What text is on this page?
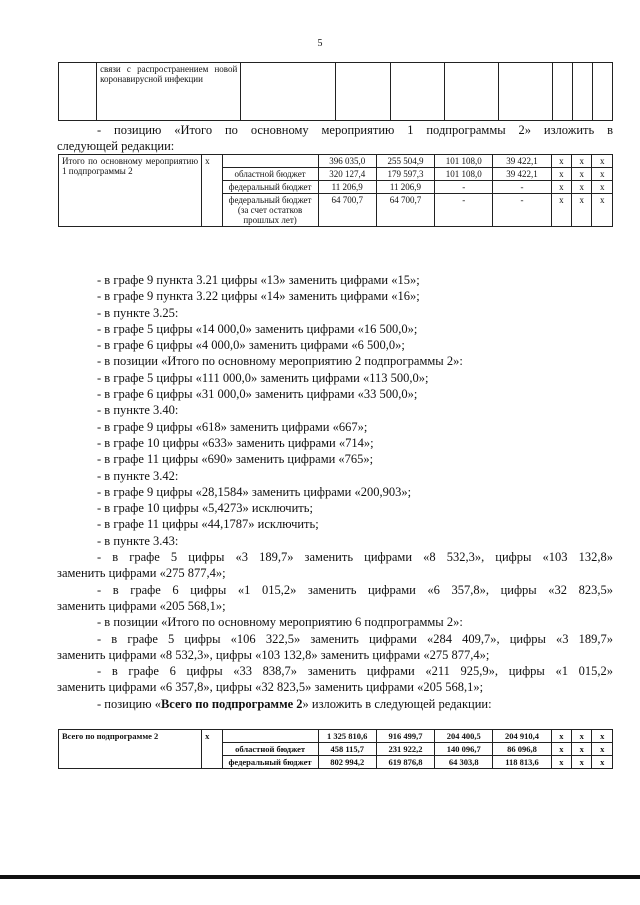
5
	связи с распространением новой коронавирусной инфекции								
- позицию «Итого по основному мероприятию 1 подпрограммы 2» изложить в
следующей редакции:
Итого по основному мероприятию 1 подпрограммы 2	х		396 035,0	255 504,9	101 108,0	39 422,1	х	х	х
		областной бюджет	320 127,4	179 597,3	101 108,0	39 422,1	х	х	х
		федеральный бюджет	11 206,9	11 206,9	-	-	х	х	х
		федеральный бюджет (за счет остатков прошлых лет)	64 700,7	64 700,7	-	-	х	х	х
- в графе 9 пункта 3.21 цифры «13» заменить цифрами «15»;
- в графе 9 пункта 3.22 цифры «14» заменить цифрами «16»;
- в пункте 3.25:
- в графе 5 цифры «14 000,0» заменить цифрами «16 500,0»;
- в графе 6 цифры «4 000,0» заменить цифрами «6 500,0»;
- в позиции «Итого по основному мероприятию 2 подпрограммы 2»:
- в графе 5 цифры «111 000,0» заменить цифрами «113 500,0»;
- в графе 6 цифры «31 000,0» заменить цифрами «33 500,0»;
- в пункте 3.40:
- в графе 9 цифры «618» заменить цифрами «667»;
- в графе 10 цифры «633» заменить цифрами «714»;
- в графе 11 цифры «690» заменить цифрами «765»;
- в пункте 3.42:
- в графе 9 цифры «28,1584» заменить цифрами «200,903»;
- в графе 10 цифры «5,4273» исключить;
- в графе 11 цифры «44,1787» исключить;
- в пункте 3.43:
- в графе 5 цифры «3 189,7» заменить цифрами «8 532,3», цифры «103 132,8»
заменить цифрами «275 877,4»;
- в графе 6 цифры «1 015,2» заменить цифрами «6 357,8», цифры «32 823,5»
заменить цифрами «205 568,1»;
- в позиции «Итого по основному мероприятию 6 подпрограммы 2»:
- в графе 5 цифры «106 322,5» заменить цифрами «284 409,7», цифры «3 189,7»
заменить цифрами «8 532,3», цифры «103 132,8» заменить цифрами «275 877,4»;
- в графе 6 цифры «33 838,7» заменить цифрами «211 925,9», цифры «1 015,2»
заменить цифрами «6 357,8», цифры «32 823,5» заменить цифрами «205 568,1»;
- позицию «Всего по подпрограмме 2» изложить в следующей редакции:
Всего по подпрограмме 2	х		1 325 810,6	916 499,7	204 400,5	204 910,4	х	х	х
		областной бюджет	458 115,7	231 922,2	140 096,7	86 096,8	х	х	х
		федеральный бюджет	802 994,2	619 876,8	64 303,8	118 813,6	х	х	х
